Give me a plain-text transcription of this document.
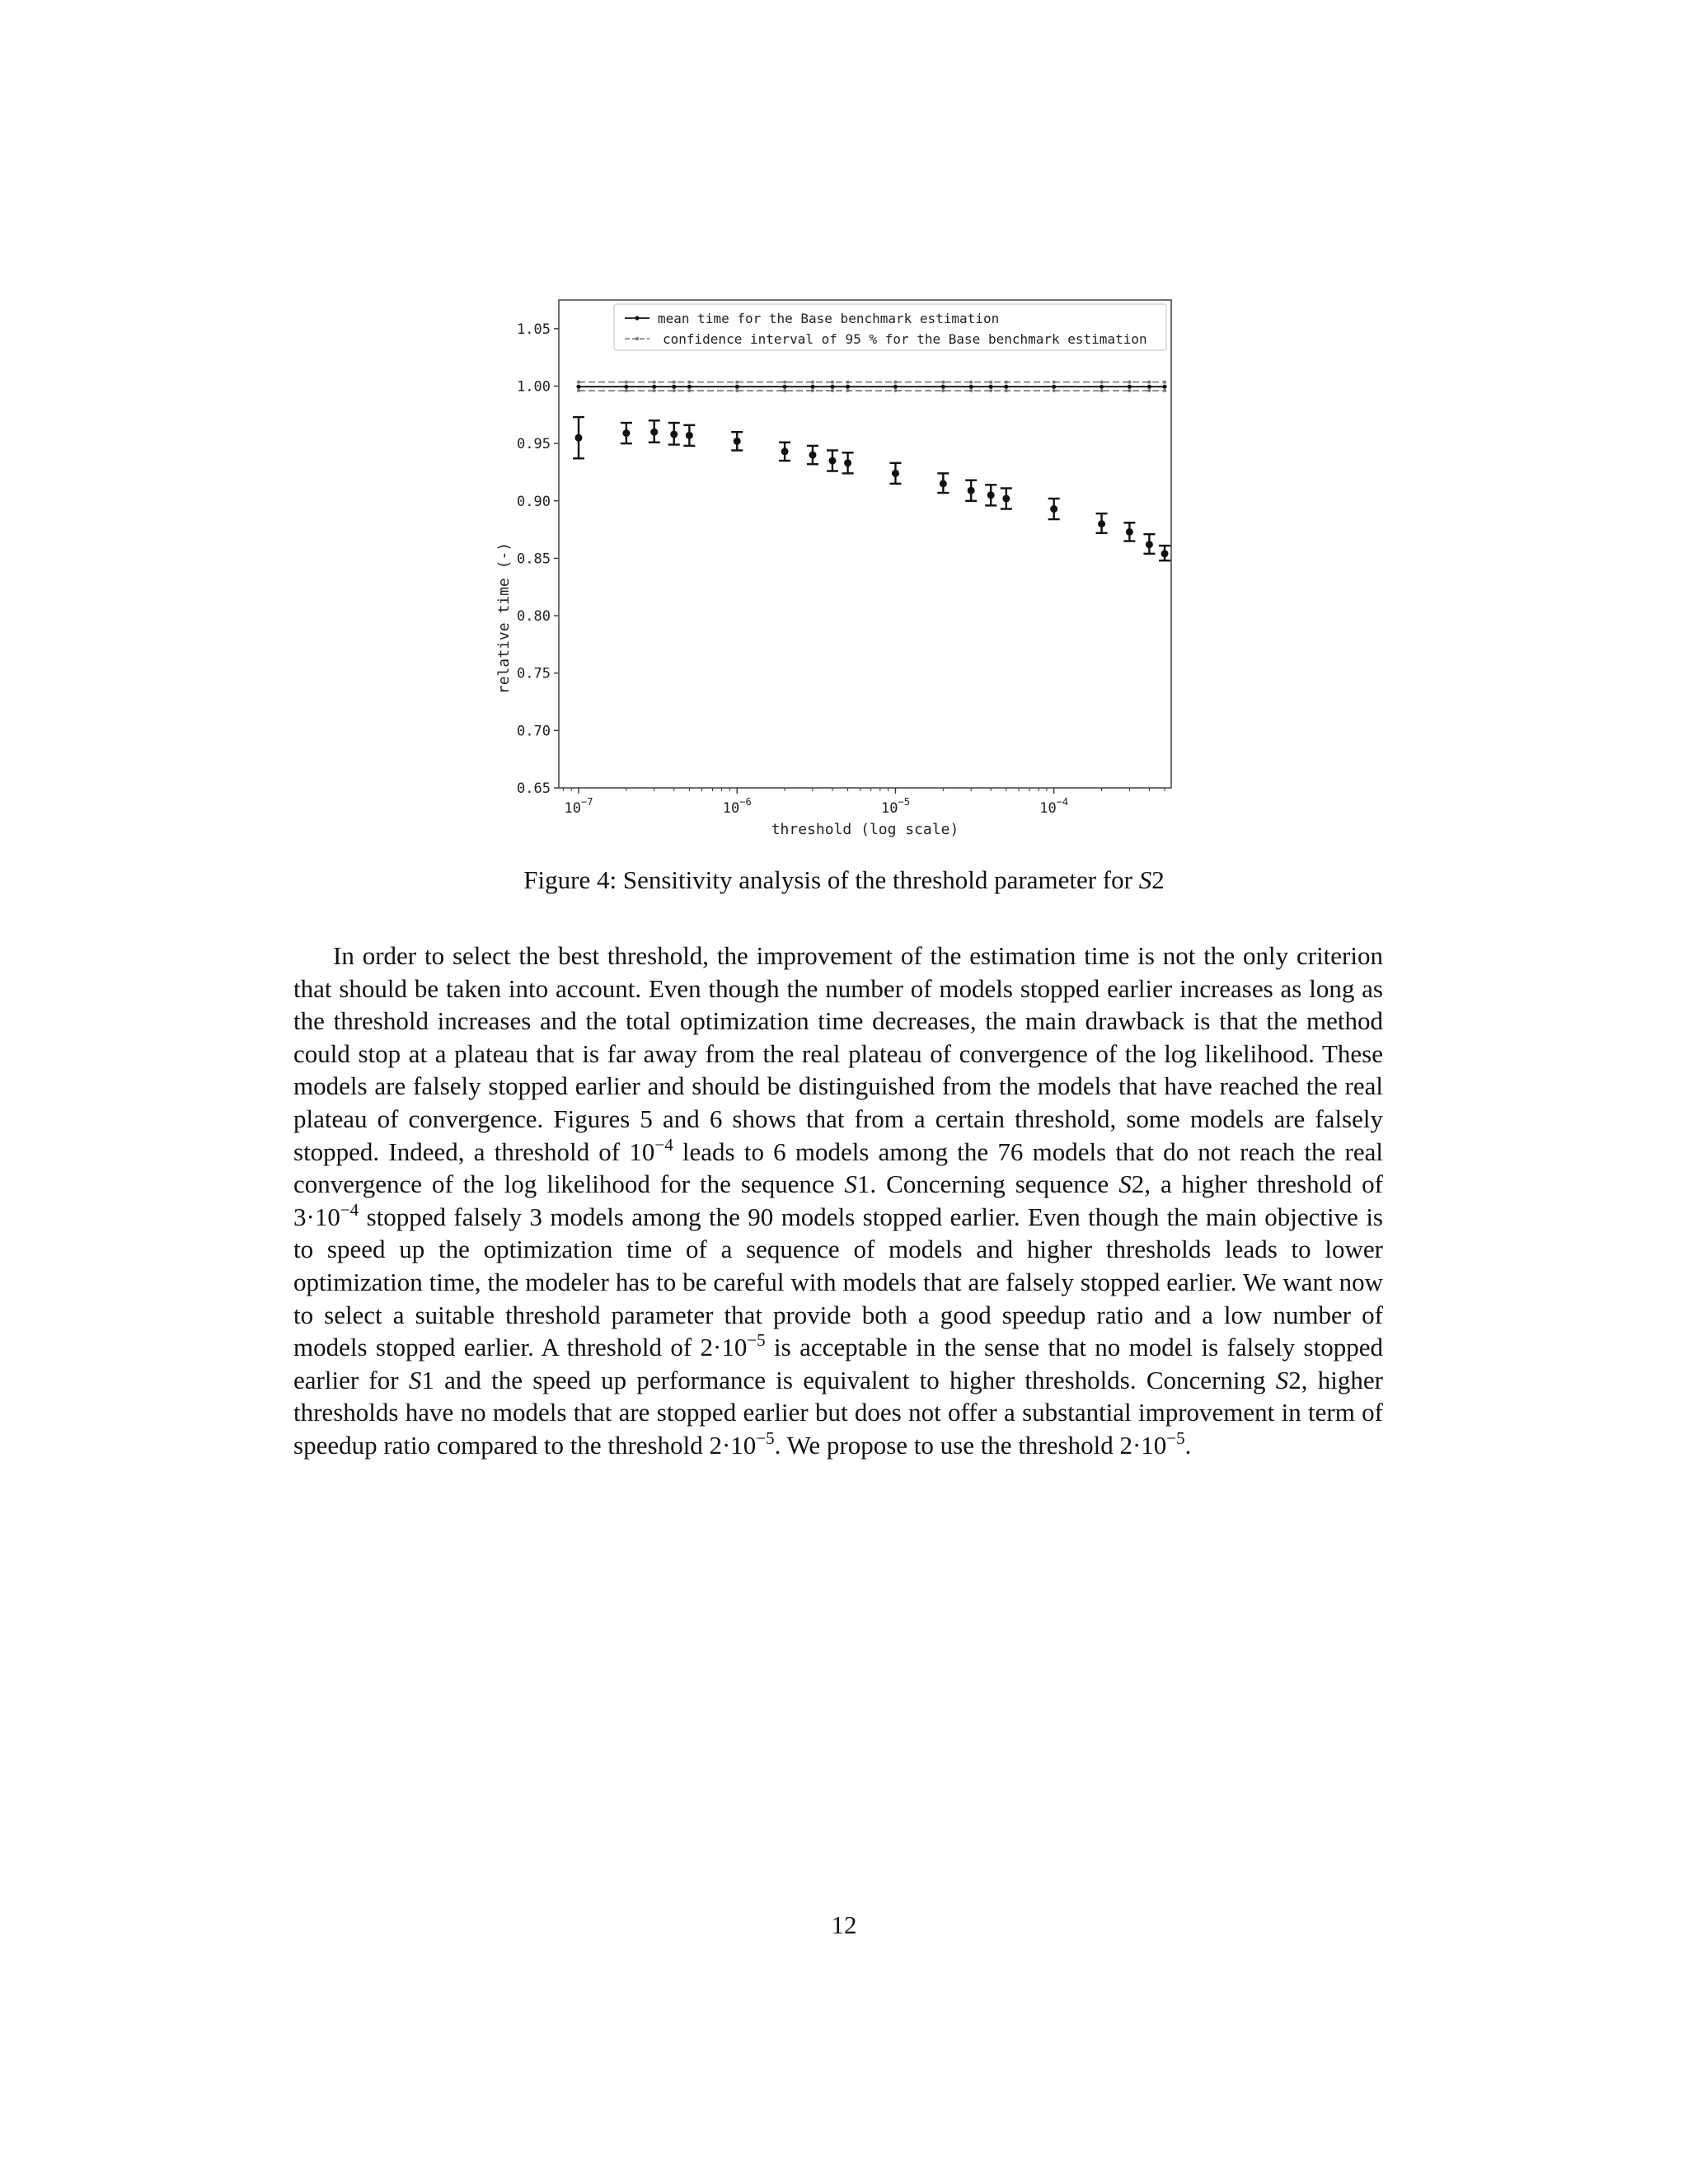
0.65
0.70
0.75
0.80
0.85
0.90
0.95
1.00
1.05
$10^{-7}$	$10^{-6}$	$10^{-5}$	$10^{-4}$
threshold (log scale)
relative time (-)
mean time for the Base benchmark estimation
confidence interval of 95 % for the Base benchmark estimation
Figure 4: Sensitivity analysis of the threshold parameter for S2

In order to select the best threshold, the improvement of the estimation time is not the only criterion that should be taken into account. Even though the number of models stopped earlier increases as long as the threshold increases and the total optimization time decreases, the main drawback is that the method could stop at a plateau that is far away from the real plateau of convergence of the log likelihood. These models are falsely stopped earlier and should be distinguished from the models that have reached the real plateau of convergence. Figures 5 and 6 shows that from a certain threshold, some models are falsely stopped. Indeed, a threshold of $10^{-4}$ leads to 6 models among the 76 models that do not reach the real convergence of the log likelihood for the sequence S1. Concerning sequence S2, a higher threshold of $3\cdot 10^{-4}$ stopped falsely 3 models among the 90 models stopped earlier. Even though the main objective is to speed up the optimization time of a sequence of models and higher thresholds leads to lower optimization time, the modeler has to be careful with models that are falsely stopped earlier. We want now to select a suitable threshold parameter that provide both a good speedup ratio and a low number of models stopped earlier. A threshold of $2\cdot 10^{-5}$ is acceptable in the sense that no model is falsely stopped earlier for S1 and the speed up performance is equivalent to higher thresholds. Concerning S2, higher thresholds have no models that are stopped earlier but does not offer a substantial improvement in term of speedup ratio compared to the threshold $2\cdot 10^{-5}$. We propose to use the threshold $2\cdot 10^{-5}$.

12
